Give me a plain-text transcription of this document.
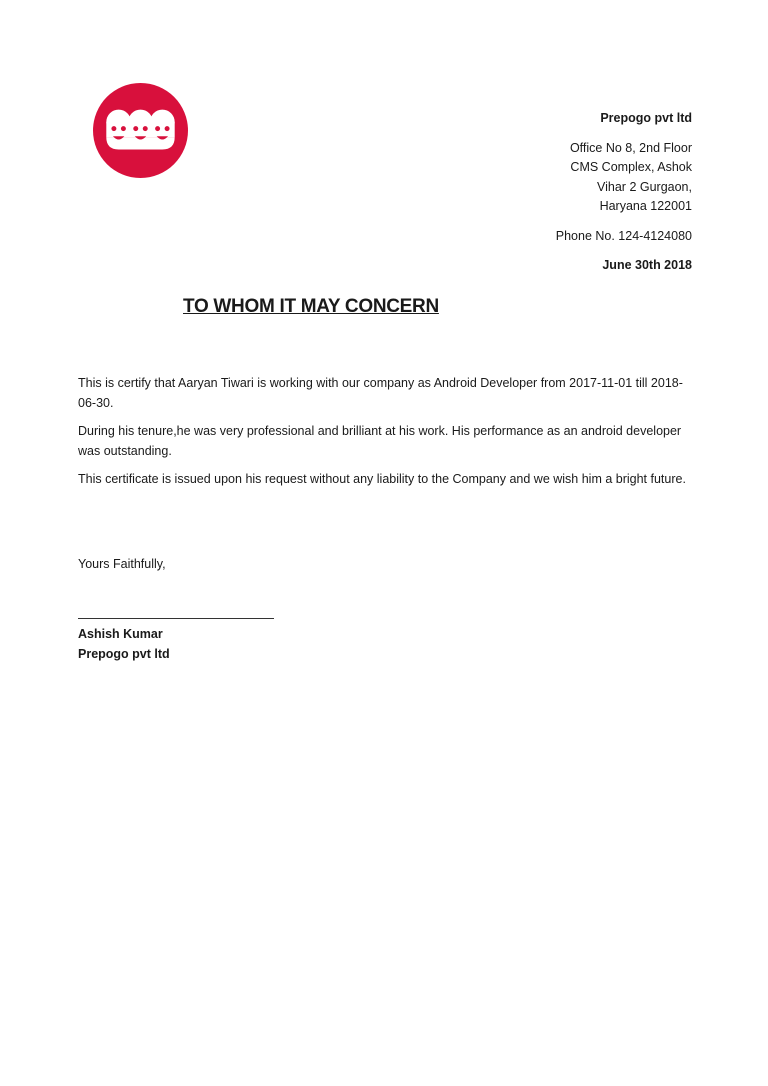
Prepogo pvt ltd
Office No 8, 2nd Floor
CMS Complex, Ashok
Vihar 2 Gurgaon,
Haryana 122001
Phone No. 124-4124080
June 30th 2018
TO WHOM IT MAY CONCERN

This is certify that Aaryan Tiwari is working with our company as Android Developer from 2017-11-01 till 2018-06-30.

During his tenure,he was very professional and brilliant at his work. His performance as an android developer was outstanding.

This certificate is issued upon his request without any liability to the Company and we wish him a bright future.

Yours Faithfully,
Ashish Kumar
Prepogo pvt ltd
